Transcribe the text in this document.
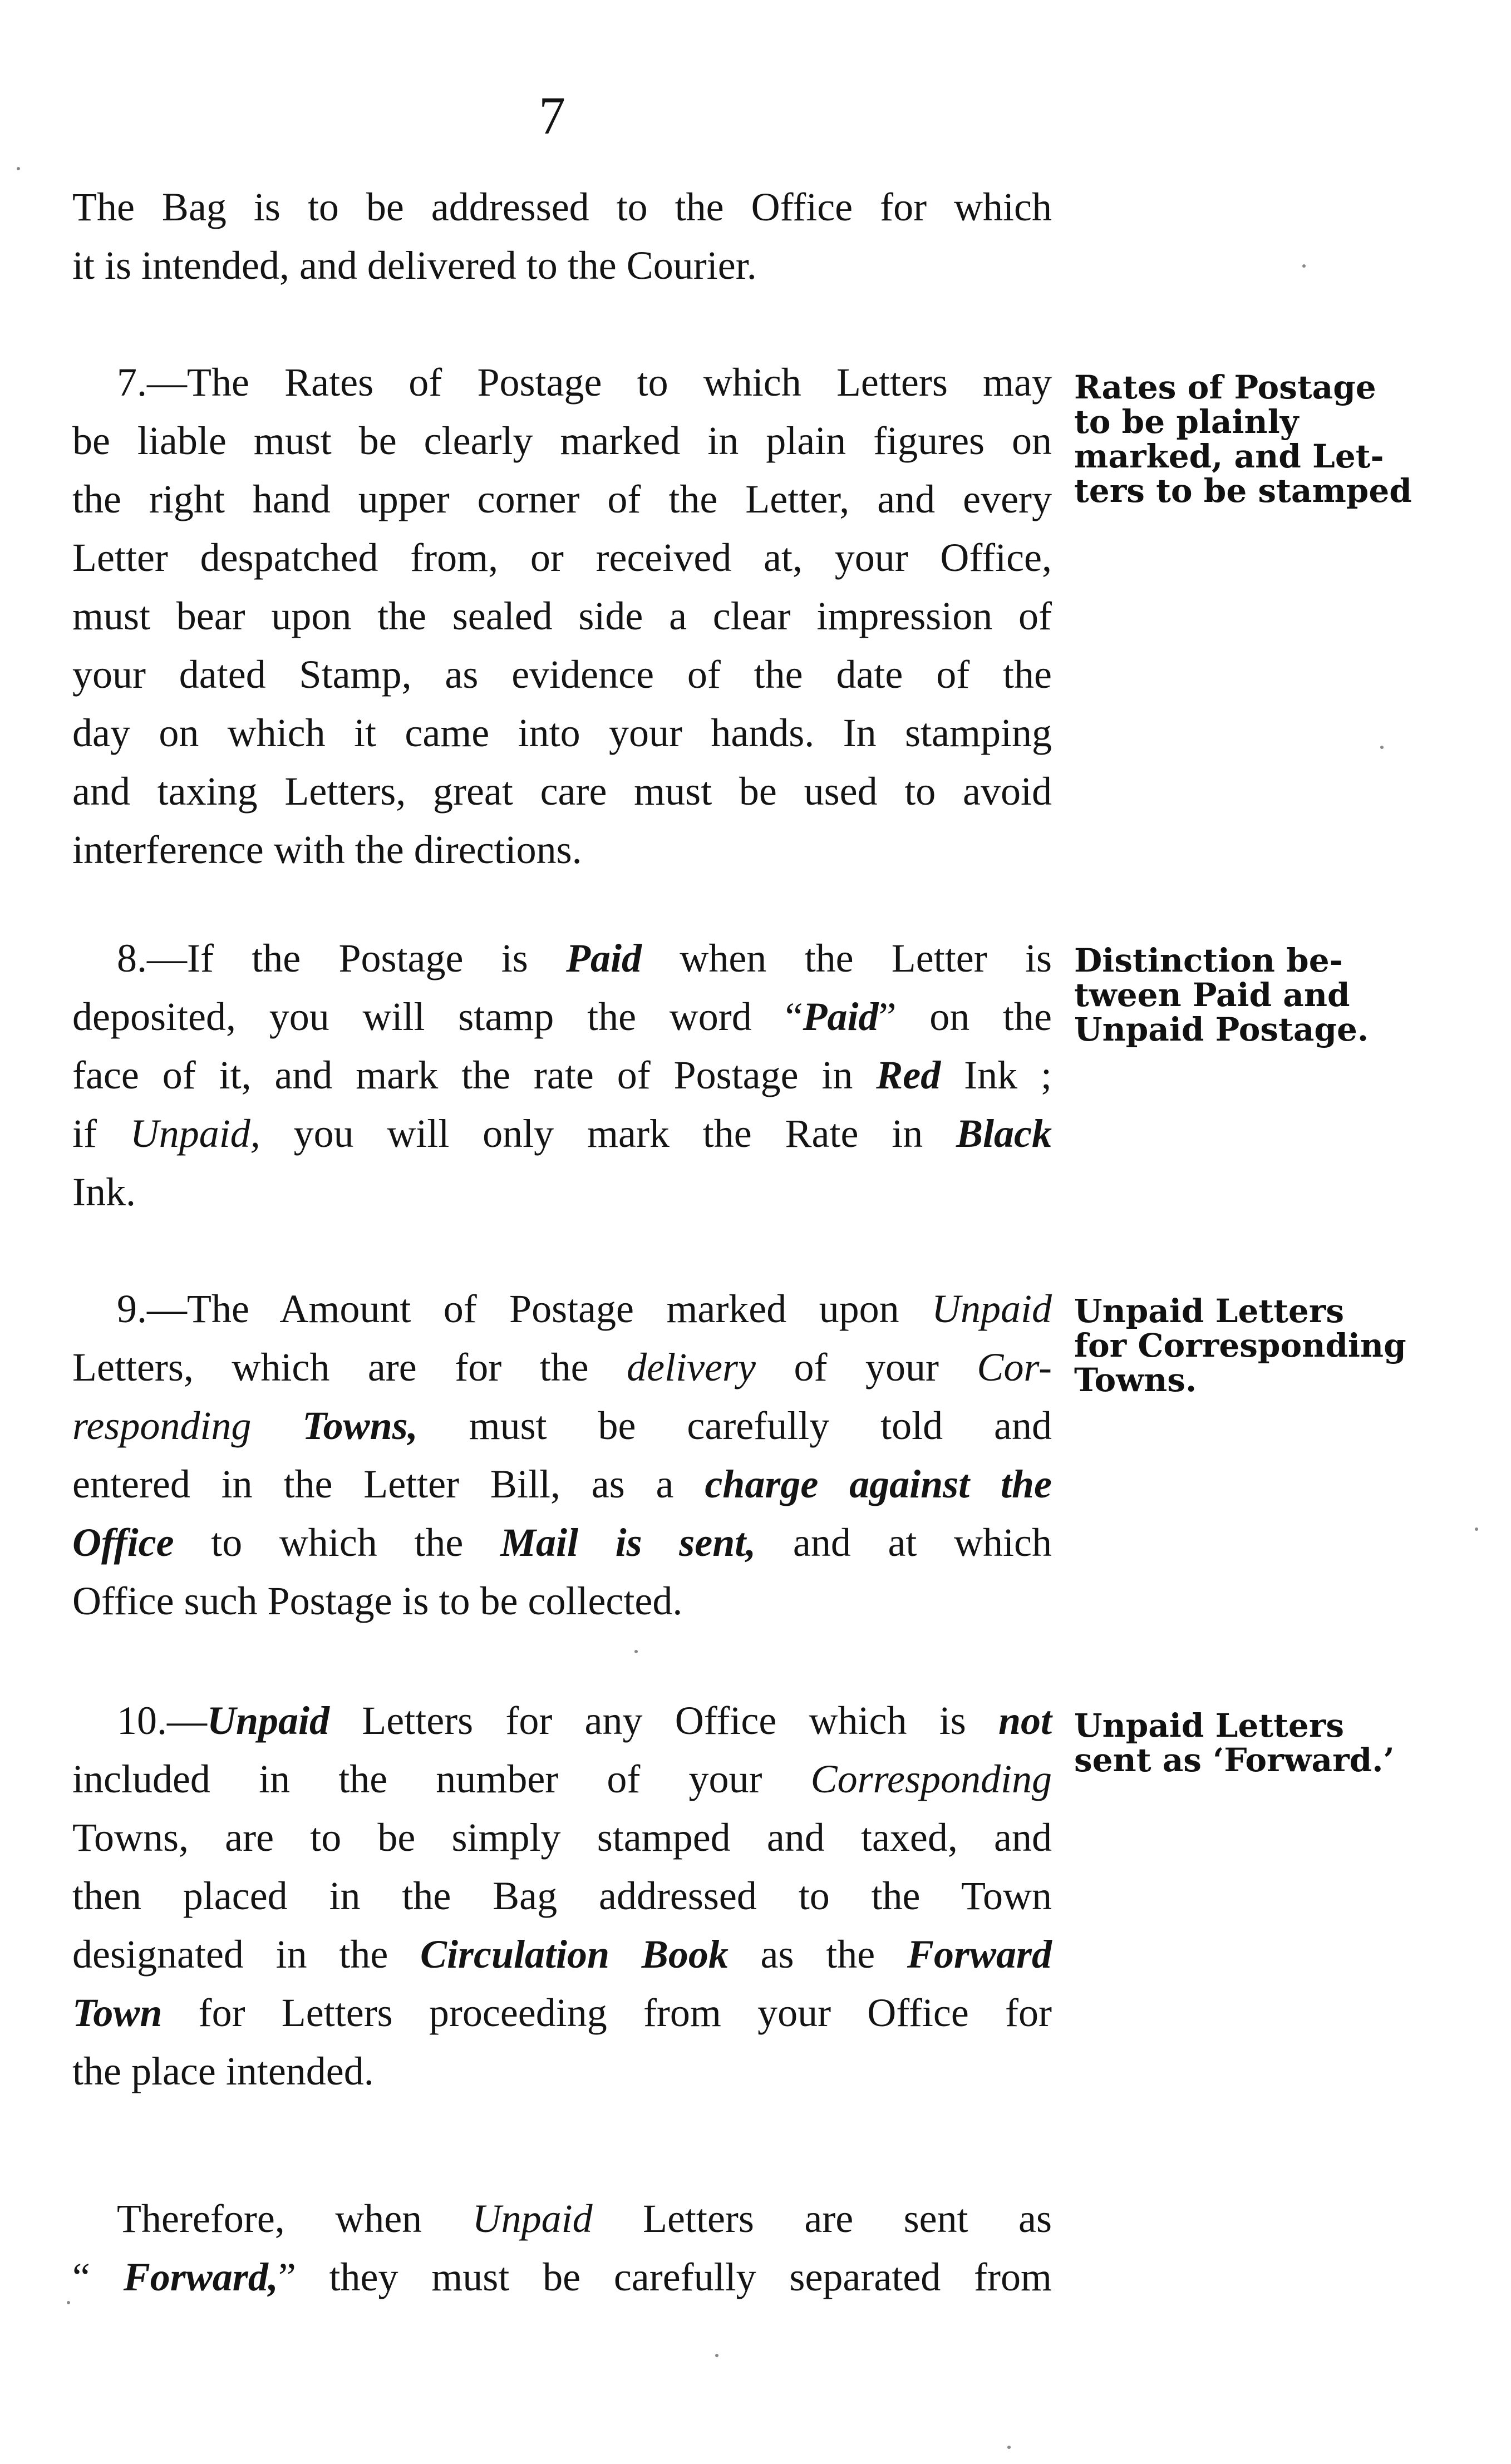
7
The Bag is to be addressed to the Office for which
it is intended, and delivered to the Courier.
7.—The Rates of Postage to which Letters may
be liable must be clearly marked in plain figures on
the right hand upper corner of the Letter, and every
Letter despatched from, or received at, your Office,
must bear upon the sealed side a clear impression of
your dated Stamp, as evidence of the date of the
day on which it came into your hands. In stamping
and taxing Letters, great care must be used to avoid
interference with the directions.
Rates of Postage
to be plainly
marked, and Let-
ters to be stamped
8.—If the Postage is Paid when the Letter is
deposited, you will stamp the word “Paid” on the
face of it, and mark the rate of Postage in Red Ink ;
if Unpaid, you will only mark the Rate in Black
Ink.
Distinction be-
tween Paid and
Unpaid Postage.
9.—The Amount of Postage marked upon Unpaid
Letters, which are for the delivery of your Cor-
responding Towns, must be carefully told and
entered in the Letter Bill, as a charge against the
Office to which the Mail is sent, and at which
Office such Postage is to be collected.
Unpaid Letters
for Corresponding
Towns.
10.—Unpaid Letters for any Office which is not
included in the number of your Corresponding
Towns, are to be simply stamped and taxed, and
then placed in the Bag addressed to the Town
designated in the Circulation Book as the Forward
Town for Letters proceeding from your Office for
the place intended.
Unpaid Letters
sent as ‘Forward.’
Therefore, when Unpaid Letters are sent as
“ Forward,” they must be carefully separated from
